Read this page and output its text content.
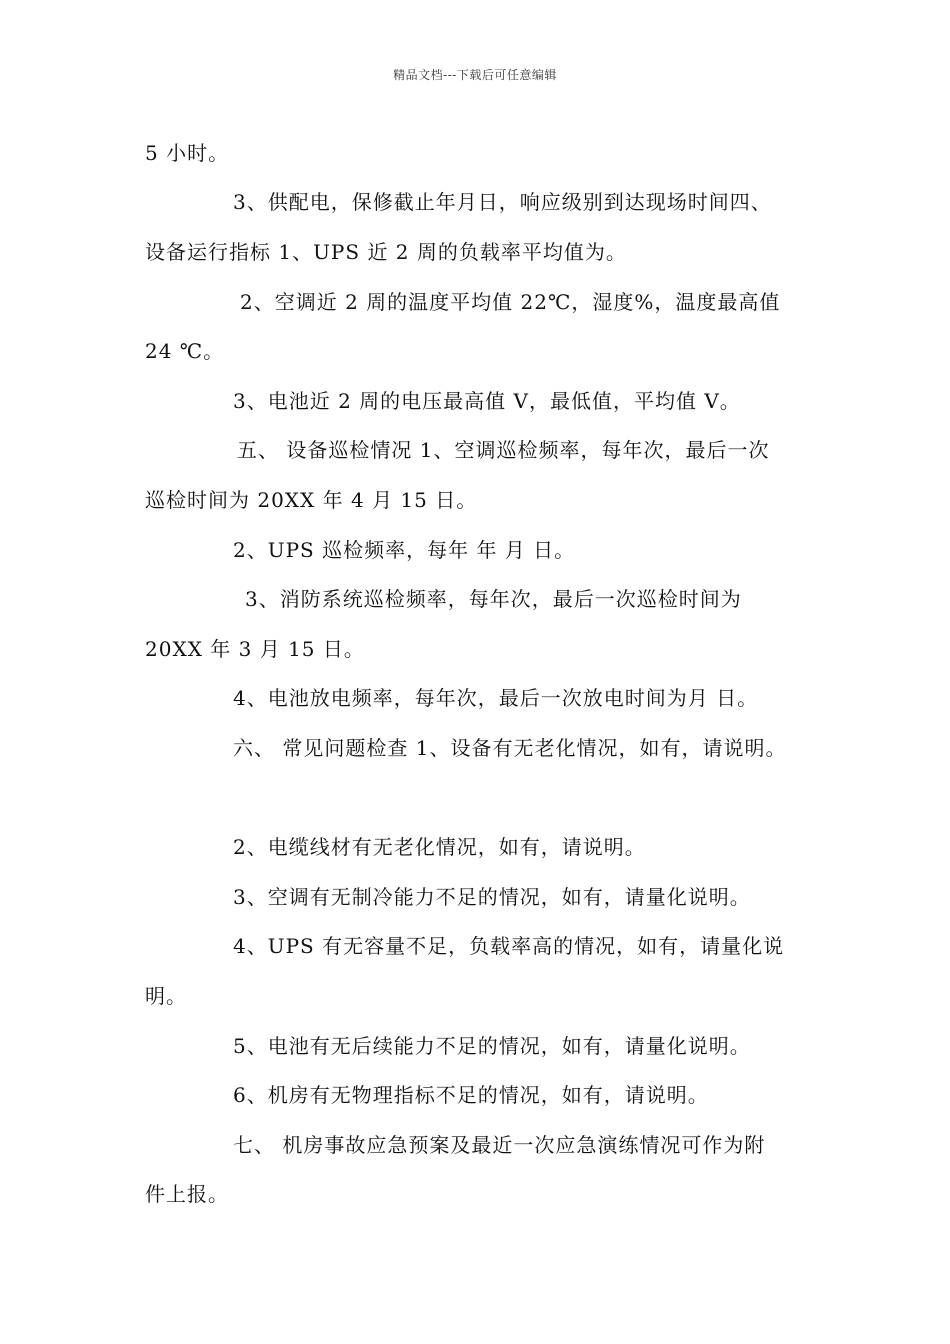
精品文档---下载后可任意编辑
5 小时。
3、供配电，保修截止年月日，响应级别到达现场时间四、
设备运行指标 1、UPS 近 2 周的负载率平均值为。
2、空调近 2 周的温度平均值 22℃，湿度%，温度最高值
24 ℃。
3、电池近 2 周的电压最高值 V，最低值，平均值 V。
五、 设备巡检情况 1、空调巡检频率，每年次，最后一次
巡检时间为 20XX 年 4 月 15 日。
2、UPS 巡检频率，每年 年 月 日。
3、消防系统巡检频率，每年次，最后一次巡检时间为
20XX 年 3 月 15 日。
4、电池放电频率，每年次，最后一次放电时间为月 日。
六、 常见问题检查 1、设备有无老化情况，如有，请说明。
2、电缆线材有无老化情况，如有，请说明。
3、空调有无制冷能力不足的情况，如有，请量化说明。
4、UPS 有无容量不足，负载率高的情况，如有，请量化说
明。
5、电池有无后续能力不足的情况，如有，请量化说明。
6、机房有无物理指标不足的情况，如有，请说明。
七、 机房事故应急预案及最近一次应急演练情况可作为附
件上报。
